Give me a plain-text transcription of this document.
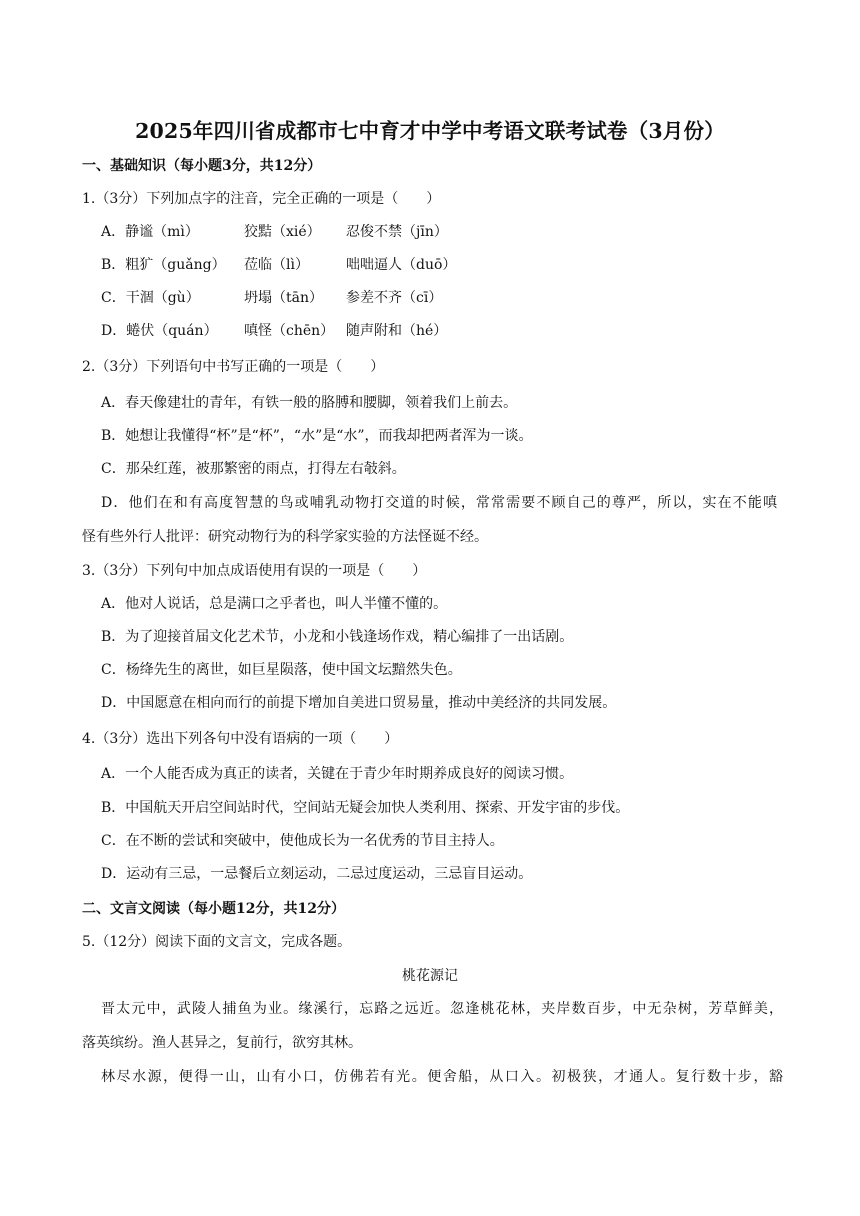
2025年四川省成都市七中育才中学中考语文联考试卷（3月份）
一、基础知识（每小题3分，共12分）
1.（3分）下列加点字的注音，完全正确的一项是（　　）
A．静谧（mì）	狡黠（xié） 忍俊不禁（jīn）
B．粗犷（guǎng） 莅临（lì）	咄咄逼人（duō）
C．干涸（gù）	坍塌（tān） 参差不齐（cī）
D．蜷伏（quán） 嗔怪（chēn） 随声附和（hé）
2.（3分）下列语句中书写正确的一项是（　　）
A．春天像建壮的青年，有铁一般的胳膊和腰脚，领着我们上前去。
B．她想让我懂得“杯”是“杯”，“水”是“水”，而我却把两者浑为一谈。
C．那朵红莲，被那繁密的雨点，打得左右攲斜。
D．他们在和有高度智慧的鸟或哺乳动物打交道的时候，常常需要不顾自己的尊严，所以，实在不能嗔
怪有些外行人批评：研究动物行为的科学家实验的方法怪诞不经。
3.（3分）下列句中加点成语使用有误的一项是（　　）
A．他对人说话，总是满口之乎者也，叫人半懂不懂的。
B．为了迎接首届文化艺术节，小龙和小钱逢场作戏，精心编排了一出话剧。
C．杨绛先生的离世，如巨星陨落，使中国文坛黯然失色。
D．中国愿意在相向而行的前提下增加自美进口贸易量，推动中美经济的共同发展。
4.（3分）选出下列各句中没有语病的一项（　　）
A．一个人能否成为真正的读者，关键在于青少年时期养成良好的阅读习惯。
B．中国航天开启空间站时代，空间站无疑会加快人类利用、探索、开发宇宙的步伐。
C．在不断的尝试和突破中，使他成长为一名优秀的节目主持人。
D．运动有三忌，一忌餐后立刻运动，二忌过度运动，三忌盲目运动。
二、文言文阅读（每小题12分，共12分）
5.（12分）阅读下面的文言文，完成各题。
桃花源记
晋太元中，武陵人捕鱼为业。缘溪行，忘路之远近。忽逢桃花林，夹岸数百步，中无杂树，芳草鲜美，
落英缤纷。渔人甚异之，复前行，欲穷其林。
林尽水源，便得一山，山有小口，仿佛若有光。便舍船，从口入。初极狭，才通人。复行数十步，豁
